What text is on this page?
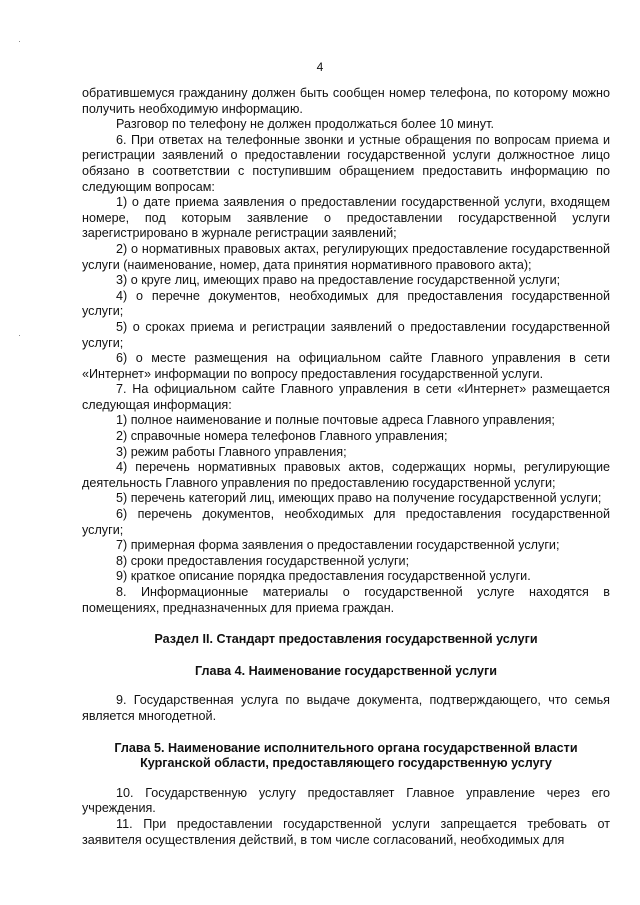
·
·
4

обратившемуся гражданину должен быть сообщен номер телефона, по которому можно получить необходимую информацию.

Разговор по телефону не должен продолжаться более 10 минут.

6. При ответах на телефонные звонки и устные обращения по вопросам приема и регистрации заявлений о предоставлении государственной услуги должностное лицо обязано в соответствии с поступившим обращением предоставить информацию по следующим вопросам:

1) о дате приема заявления о предоставлении государственной услуги, входящем номере, под которым заявление о предоставлении государственной услуги зарегистрировано в журнале регистрации заявлений;

2) о нормативных правовых актах, регулирующих предоставление государственной услуги (наименование, номер, дата принятия нормативного правового акта);

3) о круге лиц, имеющих право на предоставление государственной услуги;

4) о перечне документов, необходимых для предоставления государственной услуги;

5) о сроках приема и регистрации заявлений о предоставлении государственной услуги;

6) о месте размещения на официальном сайте Главного управления в сети «Интернет» информации по вопросу предоставления государственной услуги.

7. На официальном сайте Главного управления в сети «Интернет» размещается следующая информация:

1) полное наименование и полные почтовые адреса Главного управления;

2) справочные номера телефонов Главного управления;

3) режим работы Главного управления;

4) перечень нормативных правовых актов, содержащих нормы, регулирующие деятельность Главного управления по предоставлению государственной услуги;

5) перечень категорий лиц, имеющих право на получение государственной услуги;

6) перечень документов, необходимых для предоставления государственной услуги;

7) примерная форма заявления о предоставлении государственной услуги;

8) сроки предоставления государственной услуги;

9) краткое описание порядка предоставления государственной услуги.

8. Информационные материалы о государственной услуге находятся в помещениях, предназначенных для приема граждан.

Раздел II. Стандарт предоставления государственной услуги

Глава 4. Наименование государственной услуги

9. Государственная услуга по выдаче документа, подтверждающего, что семья является многодетной.

Глава 5. Наименование исполнительного органа государственной власти

Курганской области, предоставляющего государственную услугу

10. Государственную услугу предоставляет Главное управление через его учреждения.

11. При предоставлении государственной услуги запрещается требовать от заявителя осуществления действий, в том числе согласований, необходимых для
